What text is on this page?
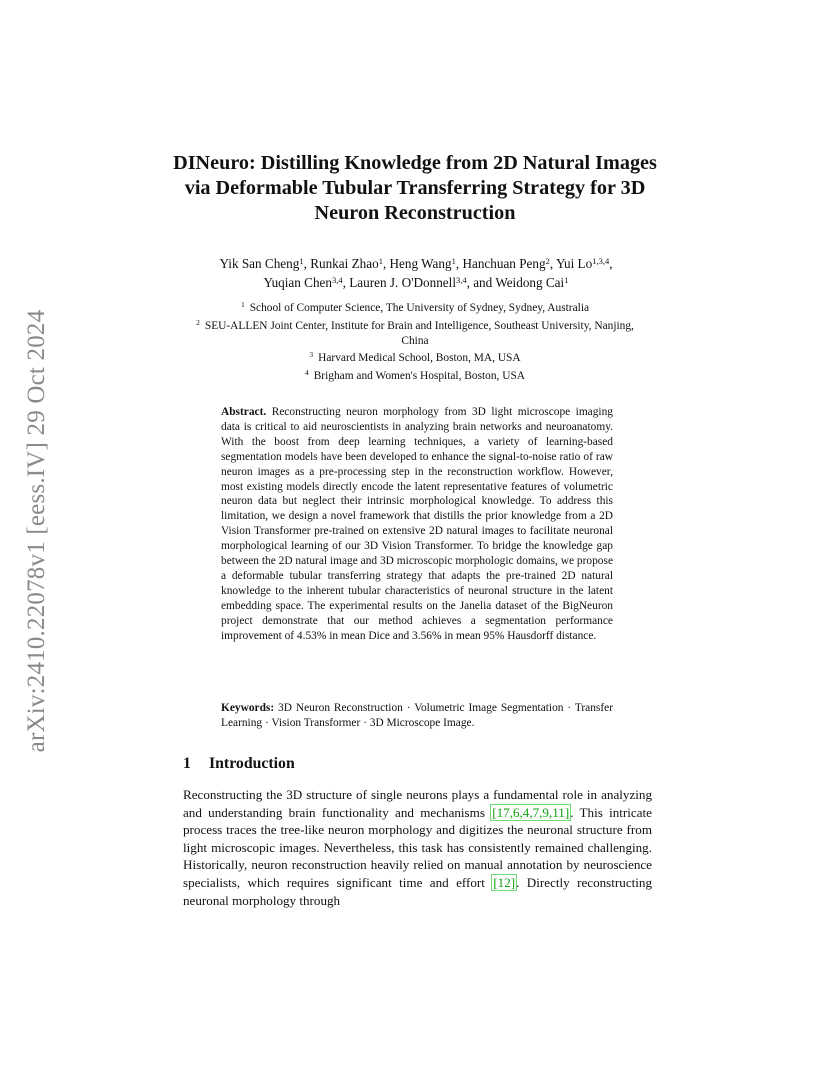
arXiv:2410.22078v1 [eess.IV] 29 Oct 2024
DINeuro: Distilling Knowledge from 2D Natural Images via Deformable Tubular Transferring Strategy for 3D Neuron Reconstruction
Yik San Cheng$^1$, Runkai Zhao$^1$, Heng Wang$^1$, Hanchuan Peng$^2$, Yui Lo$^{1,3,4}$,
Yuqian Chen$^{3,4}$, Lauren J. O'Donnell$^{3,4}$, and Weidong Cai$^1$
$^1$ School of Computer Science, The University of Sydney, Sydney, Australia
$^2$ SEU-ALLEN Joint Center, Institute for Brain and Intelligence, Southeast University, Nanjing, China
$^3$ Harvard Medical School, Boston, MA, USA
$^4$ Brigham and Women's Hospital, Boston, USA
Abstract. Reconstructing neuron morphology from 3D light microscope imaging data is critical to aid neuroscientists in analyzing brain networks and neuroanatomy. With the boost from deep learning techniques, a variety of learning-based segmentation models have been developed to enhance the signal-to-noise ratio of raw neuron images as a pre-processing step in the reconstruction workflow. However, most existing models directly encode the latent representative features of volumetric neuron data but neglect their intrinsic morphological knowledge. To address this limitation, we design a novel framework that distills the prior knowledge from a 2D Vision Transformer pre-trained on extensive 2D natural images to facilitate neuronal morphological learning of our 3D Vision Transformer. To bridge the knowledge gap between the 2D natural image and 3D microscopic morphologic domains, we propose a deformable tubular transferring strategy that adapts the pre-trained 2D natural knowledge to the inherent tubular characteristics of neuronal structure in the latent embedding space. The experimental results on the Janelia dataset of the BigNeuron project demonstrate that our method achieves a segmentation performance improvement of 4.53% in mean Dice and 3.56% in mean 95% Hausdorff distance.
Keywords: 3D Neuron Reconstruction · Volumetric Image Segmentation · Transfer Learning · Vision Transformer · 3D Microscope Image.
1 Introduction
Reconstructing the 3D structure of single neurons plays a fundamental role in analyzing and understanding brain functionality and mechanisms [17,6,4,7,9,11]. This intricate process traces the tree-like neuron morphology and digitizes the neuronal structure from light microscopic images. Nevertheless, this task has consistently remained challenging. Historically, neuron reconstruction heavily relied on manual annotation by neuroscience specialists, which requires significant time and effort [12]. Directly reconstructing neuronal morphology through
